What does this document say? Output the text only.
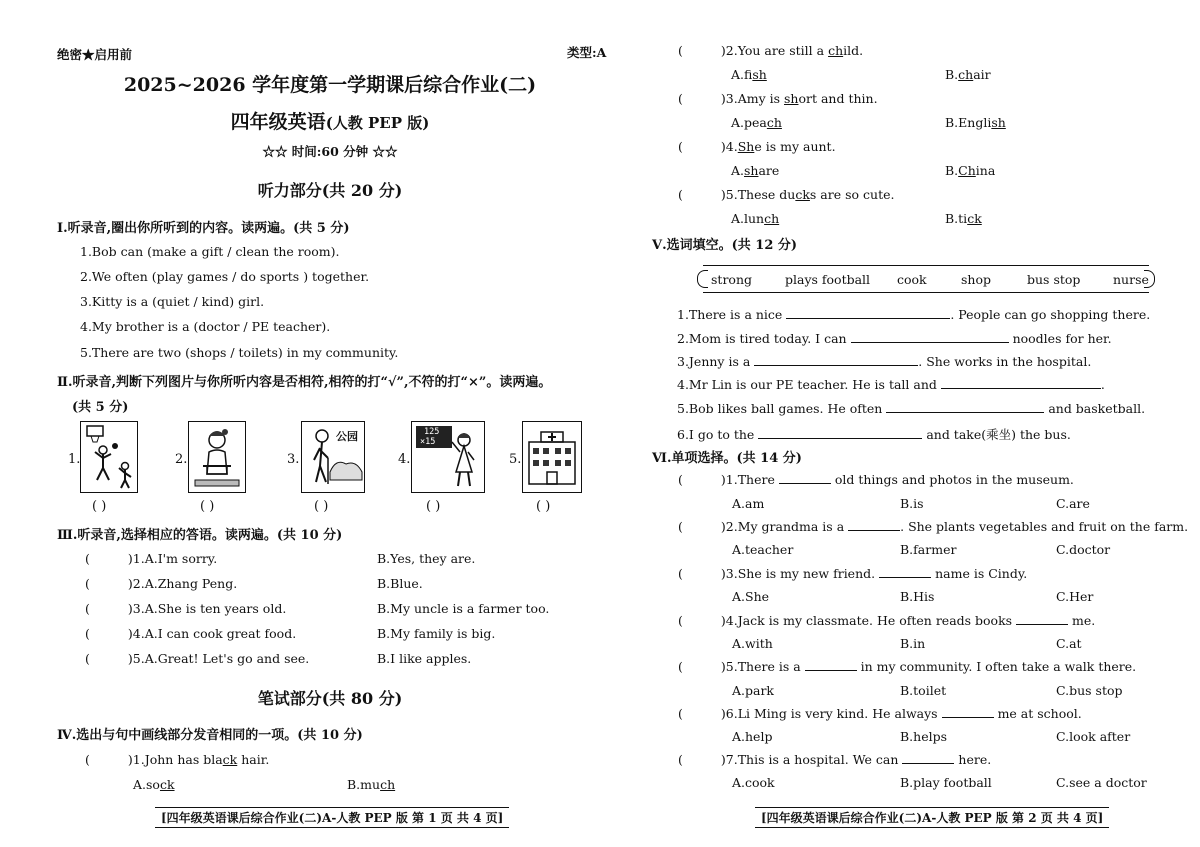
绝密★启用前	类型:A
2025~2026 学年度第一学期课后综合作业(二)
四年级英语(人教 PEP 版)
☆☆ 时间:60 分钟 ☆☆
听力部分(共 20 分)
Ⅰ.听录音,圈出你所听到的内容。读两遍。(共 5 分)
1.Bob can (make a gift / clean the room).
2.We often (play games / do sports ) together.
3.Kitty is a (quiet / kind) girl.
4.My brother is a (doctor / PE teacher).
5.There are two (shops / toilets) in my community.
Ⅱ.听录音,判断下列图片与你所听内容是否相符,相符的打“√”,不符的打“×”。读两遍。
(共 5 分)
1.
( )
2.
( )
3.
公园
( )
4.
125
×15
( )
5.
( )
Ⅲ.听录音,选择相应的答语。读两遍。(共 10 分)
(	)1.A.I'm sorry.	B.Yes, they are.
(	)2.A.Zhang Peng.	B.Blue.
(	)3.A.She is ten years old.	B.My uncle is a farmer too.
(	)4.A.I can cook great food.	B.My family is big.
(	)5.A.Great! Let's go and see.	B.I like apples.
笔试部分(共 80 分)
Ⅳ.选出与句中画线部分发音相同的一项。(共 10 分)
(	)1.John has black hair.
A.sock	B.much
[四年级英语课后综合作业(二)A-人教 PEP 版 第 1 页 共 4 页]
(	)2.You are still a child.
A.fish	B.chair
(	)3.Amy is short and thin.
A.peach	B.English
(	)4.She is my aunt.
A.share	B.China
(	)5.These ducks are so cute.
A.lunch	B.tick
Ⅴ.选词填空。(共 12 分)
strong	plays football cook	shop	bus stop	nurse
1.There is a nice	. People can go shopping there.
2.Mom is tired today. I can	noodles for her.
3.Jenny is a	. She works in the hospital.
4.Mr Lin is our PE teacher. He is tall and	.
5.Bob likes ball games. He often	and basketball.
6.I go to the	and take(乘坐) the bus.
Ⅵ.单项选择。(共 14 分)
(	)1.There	old things and photos in the museum.
A.am	B.is	C.are
(	)2.My grandma is a	. She plants vegetables and fruit on the farm.
A.teacher	B.farmer	C.doctor
(	)3.She is my new friend.	name is Cindy.
A.She	B.His	C.Her
(	)4.Jack is my classmate. He often reads books	me.
A.with	B.in	C.at
(	)5.There is a	in my community. I often take a walk there.
A.park	B.toilet	C.bus stop
(	)6.Li Ming is very kind. He always	me at school.
A.help	B.helps	C.look after
(	)7.This is a hospital. We can	here.
A.cook	B.play football	C.see a doctor
[四年级英语课后综合作业(二)A-人教 PEP 版 第 2 页 共 4 页]
